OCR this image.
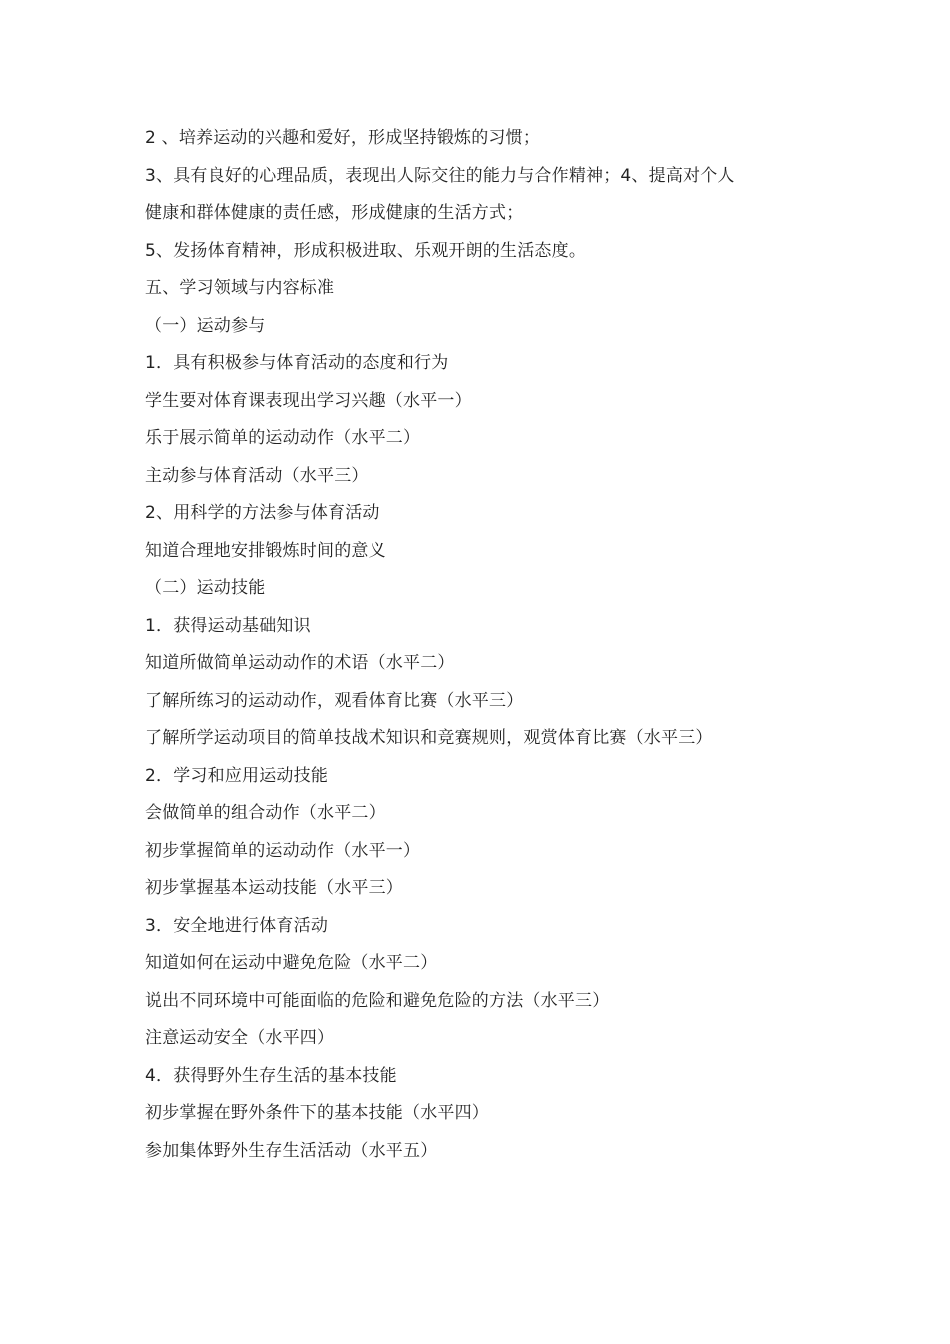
2 、培养运动的兴趣和爱好，形成坚持锻炼的习惯；
3、具有良好的心理品质，表现出人际交往的能力与合作精神；4、提高对个人
健康和群体健康的责任感，形成健康的生活方式；
5、发扬体育精神，形成积极进取、乐观开朗的生活态度。
五、学习领域与内容标准
（一）运动参与
1．具有积极参与体育活动的态度和行为
学生要对体育课表现出学习兴趣（水平一）
乐于展示简单的运动动作（水平二）
主动参与体育活动（水平三）
2、用科学的方法参与体育活动
知道合理地安排锻炼时间的意义
（二）运动技能
1．获得运动基础知识
知道所做简单运动动作的术语（水平二）
了解所练习的运动动作，观看体育比赛（水平三）
了解所学运动项目的简单技战术知识和竞赛规则，观赏体育比赛（水平三）
2．学习和应用运动技能
会做简单的组合动作（水平二）
初步掌握简单的运动动作（水平一）
初步掌握基本运动技能（水平三）
3．安全地进行体育活动
知道如何在运动中避免危险（水平二）
说出不同环境中可能面临的危险和避免危险的方法（水平三）
注意运动安全（水平四）
4．获得野外生存生活的基本技能
初步掌握在野外条件下的基本技能（水平四）
参加集体野外生存生活活动（水平五）
